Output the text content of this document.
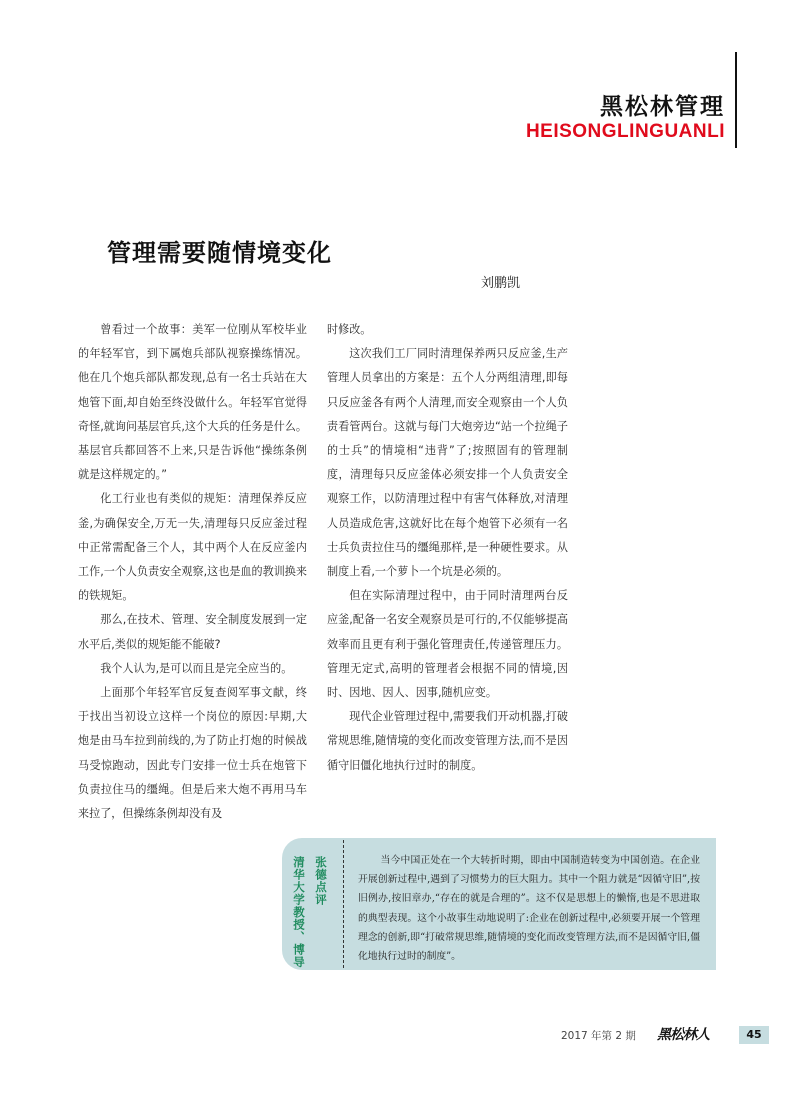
黑松林管理
HEISONGLINGUANLI
管理需要随情境变化
刘鹏凯

曾看过一个故事：美军一位刚从军校毕业的年轻军官，到下属炮兵部队视察操练情况。他在几个炮兵部队都发现,总有一名士兵站在大炮管下面,却自始至终没做什么。年轻军官觉得奇怪,就询问基层官兵,这个大兵的任务是什么。基层官兵都回答不上来,只是告诉他“操练条例就是这样规定的。”

化工行业也有类似的规矩：清理保养反应釜,为确保安全,万无一失,清理每只反应釜过程中正常需配备三个人，其中两个人在反应釜内工作,一个人负责安全观察,这也是血的教训换来的铁规矩。

那么,在技术、管理、安全制度发展到一定水平后,类似的规矩能不能破?

我个人认为,是可以而且是完全应当的。

上面那个年轻军官反复查阅军事文献，终于找出当初设立这样一个岗位的原因:早期,大炮是由马车拉到前线的,为了防止打炮的时候战马受惊跑动，因此专门安排一位士兵在炮管下负责拉住马的缰绳。但是后来大炮不再用马车来拉了，但操练条例却没有及

时修改。

这次我们工厂同时清理保养两只反应釜,生产管理人员拿出的方案是：五个人分两组清理,即每只反应釜各有两个人清理,而安全观察由一个人负责看管两台。这就与每门大炮旁边“站一个拉绳子的士兵”的情境相“违背”了;按照固有的管理制度，清理每只反应釜体必须安排一个人负责安全观察工作，以防清理过程中有害气体释放,对清理人员造成危害,这就好比在每个炮管下必须有一名士兵负责拉住马的缰绳那样,是一种硬性要求。从制度上看,一个萝卜一个坑是必须的。

但在实际清理过程中，由于同时清理两台反应釜,配备一名安全观察员是可行的,不仅能够提高效率而且更有利于强化管理责任,传递管理压力。管理无定式,高明的管理者会根据不同的情境,因时、因地、因人、因事,随机应变。

现代企业管理过程中,需要我们开动机器,打破常规思维,随情境的变化而改变管理方法,而不是因循守旧僵化地执行过时的制度。

张德点评
清华大学教授、博导	当今中国正处在一个大转折时期，即由中国制造转变为中国创造。在企业开展创新过程中,遇到了习惯势力的巨大阻力。其中一个阻力就是“因循守旧”,按旧例办,按旧章办,“存在的就是合理的”。这不仅是思想上的懒惰,也是不思进取的典型表现。这个小故事生动地说明了:企业在创新过程中,必须要开展一个管理理念的创新,即“打破常规思维,随情境的变化而改变管理方法,而不是因循守旧,僵化地执行过时的制度”。

2017 年第 2 期 黑松林人	45
